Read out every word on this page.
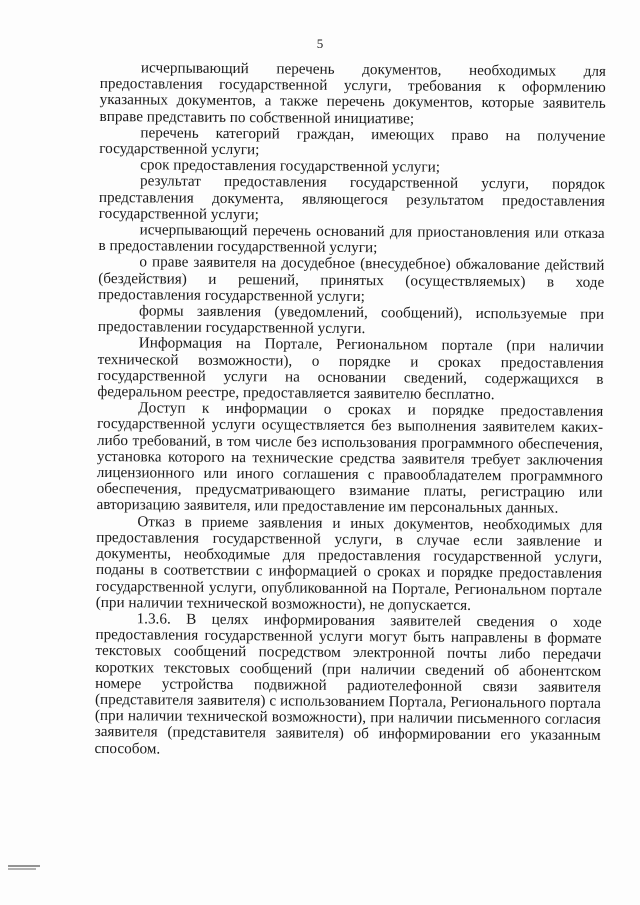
5

исчерпывающий перечень документов, необходимых для предоставления государственной услуги, требования к оформлению указанных документов, а также перечень документов, которые заявитель вправе представить по собственной инициативе;

перечень категорий граждан, имеющих право на получение государственной услуги;

срок предоставления государственной услуги;

результат предоставления государственной услуги, порядок представления документа, являющегося результатом предоставления государственной услуги;

исчерпывающий перечень оснований для приостановления или отказа в предоставлении государственной услуги;

о праве заявителя на досудебное (внесудебное) обжалование действий (бездействия) и решений, принятых (осуществляемых) в ходе предоставления государственной услуги;

формы заявления (уведомлений, сообщений), используемые при предоставлении государственной услуги.

Информация на Портале, Региональном портале (при наличии технической возможности), о порядке и сроках предоставления государственной услуги на основании сведений, содержащихся в федеральном реестре, предоставляется заявителю бесплатно.

Доступ к информации о сроках и порядке предоставления государственной услуги осуществляется без выполнения заявителем каких-либо требований, в том числе без использования программного обеспечения, установка которого на технические средства заявителя требует заключения лицензионного или иного соглашения с правообладателем программного обеспечения, предусматривающего взимание платы, регистрацию или авторизацию заявителя, или предоставление им персональных данных.

Отказ в приеме заявления и иных документов, необходимых для предоставления государственной услуги, в случае если заявление и документы, необходимые для предоставления государственной услуги, поданы в соответствии с информацией о сроках и порядке предоставления государственной услуги, опубликованной на Портале, Региональном портале (при наличии технической возможности), не допускается.

1.3.6. В целях информирования заявителей сведения о ходе предоставления государственной услуги могут быть направлены в формате текстовых сообщений посредством электронной почты либо передачи коротких текстовых сообщений (при наличии сведений об абонентском номере устройства подвижной радиотелефонной связи заявителя (представителя заявителя) с использованием Портала, Регионального портала (при наличии технической возможности), при наличии письменного согласия заявителя (представителя заявителя) об информировании его указанным способом.
